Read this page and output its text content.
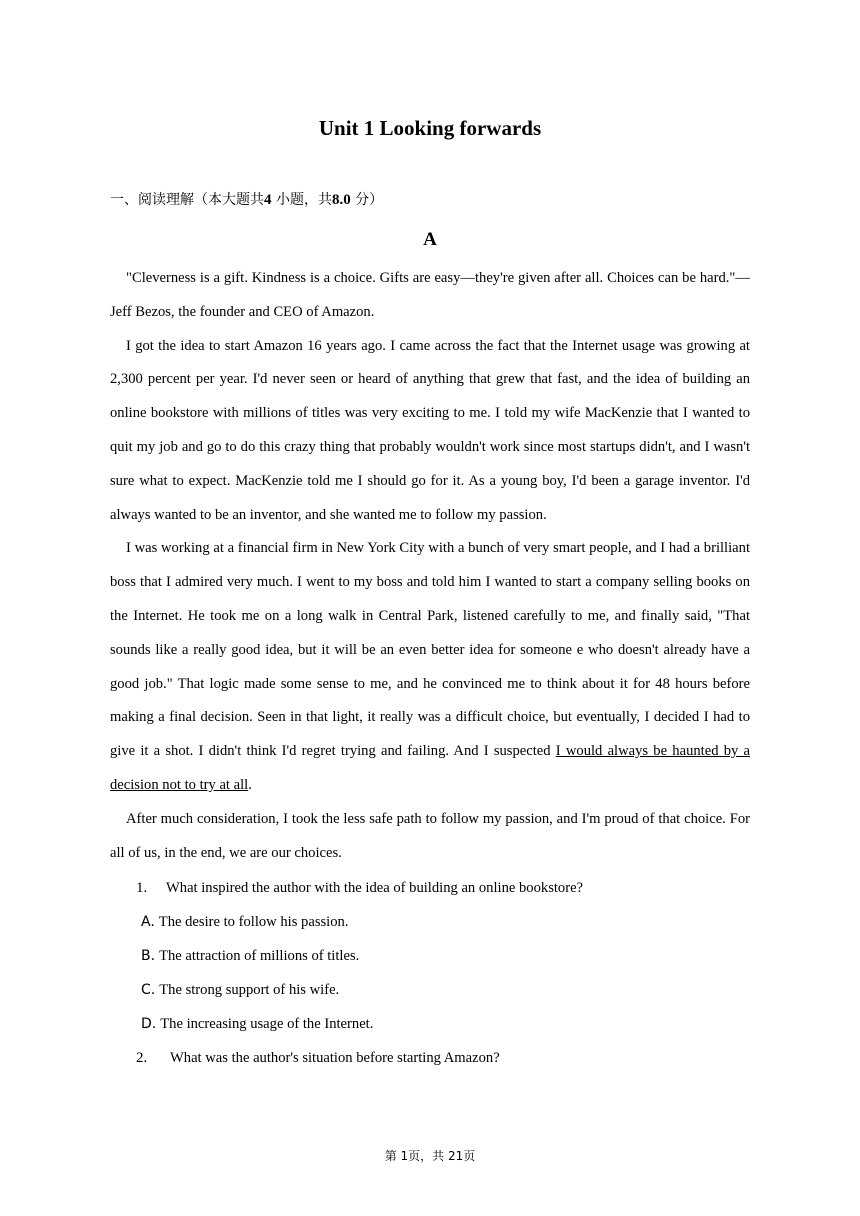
Unit 1 Looking forwards
一、阅读理解（本大题共4 小题，共8.0 分）
A

"Cleverness is a gift. Kindness is a choice. Gifts are easy—they're given after all. Choices can be hard."—Jeff Bezos, the founder and CEO of Amazon.

I got the idea to start Amazon 16 years ago. I came across the fact that the Internet usage was growing at 2,300 percent per year. I'd never seen or heard of anything that grew that fast, and the idea of building an online bookstore with millions of titles was very exciting to me. I told my wife MacKenzie that I wanted to quit my job and go to do this crazy thing that probably wouldn't work since most startups didn't, and I wasn't sure what to expect. MacKenzie told me I should go for it. As a young boy, I'd been a garage inventor. I'd always wanted to be an inventor, and she wanted me to follow my passion.

I was working at a financial firm in New York City with a bunch of very smart people, and I had a brilliant boss that I admired very much. I went to my boss and told him I wanted to start a company selling books on the Internet. He took me on a long walk in Central Park, listened carefully to me, and finally said, "That sounds like a really good idea, but it will be an even better idea for someone e who doesn't already have a good job." That logic made some sense to me, and he convinced me to think about it for 48 hours before making a final decision. Seen in that light, it really was a difficult choice, but eventually, I decided I had to give it a shot. I didn't think I'd regret trying and failing. And I suspected I would always be haunted by a decision not to try at all.

After much consideration, I took the less safe path to follow my passion, and I'm proud of that choice. For all of us, in the end, we are our choices.

1. What inspired the author with the idea of building an online bookstore?
A. The desire to follow his passion.
B. The attraction of millions of titles.
C. The strong support of his wife.
D. The increasing usage of the Internet.
2. What was the author's situation before starting Amazon?
第 1页，共 21页
